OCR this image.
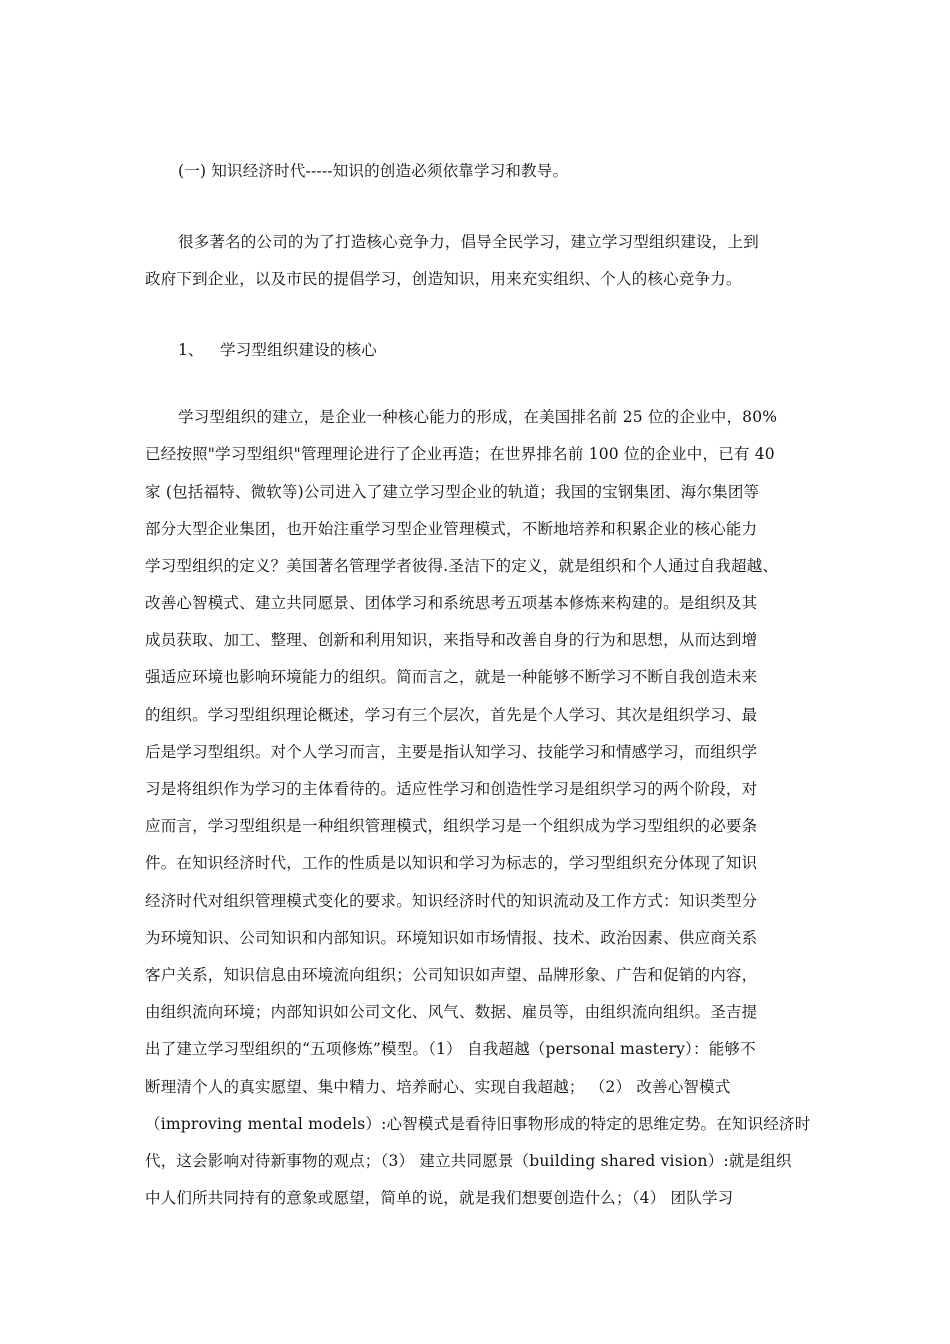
(一) 知识经济时代-----知识的创造必须依靠学习和教导。
很多著名的公司的为了打造核心竞争力，倡导全民学习，建立学习型组织建设，上到
政府下到企业，以及市民的提倡学习，创造知识，用来充实组织、个人的核心竞争力。
1、 学习型组织建设的核心
学习型组织的建立，是企业一种核心能力的形成，在美国排名前 25 位的企业中，80%
已经按照"学习型组织"管理理论进行了企业再造；在世界排名前 100 位的企业中，已有 40
家 (包括福特、微软等)公司进入了建立学习型企业的轨道；我国的宝钢集团、海尔集团等
部分大型企业集团，也开始注重学习型企业管理模式，不断地培养和积累企业的核心能力
学习型组织的定义？美国著名管理学者彼得.圣洁下的定义，就是组织和个人通过自我超越、
改善心智模式、建立共同愿景、团体学习和系统思考五项基本修炼来构建的。是组织及其
成员获取、加工、整理、创新和利用知识，来指导和改善自身的行为和思想，从而达到增
强适应环境也影响环境能力的组织。简而言之，就是一种能够不断学习不断自我创造未来
的组织。学习型组织理论概述，学习有三个层次，首先是个人学习、其次是组织学习、最
后是学习型组织。对个人学习而言，主要是指认知学习、技能学习和情感学习，而组织学
习是将组织作为学习的主体看待的。适应性学习和创造性学习是组织学习的两个阶段，对
应而言，学习型组织是一种组织管理模式，组织学习是一个组织成为学习型组织的必要条
件。在知识经济时代，工作的性质是以知识和学习为标志的，学习型组织充分体现了知识
经济时代对组织管理模式变化的要求。知识经济时代的知识流动及工作方式：知识类型分
为环境知识、公司知识和内部知识。环境知识如市场情报、技术、政治因素、供应商关系
客户关系，知识信息由环境流向组织；公司知识如声望、品牌形象、广告和促销的内容，
由组织流向环境；内部知识如公司文化、风气、数据、雇员等，由组织流向组织。圣吉提
出了建立学习型组织的“五项修炼”模型。（1） 自我超越（personal mastery）：能够不
断理清个人的真实愿望、集中精力、培养耐心、实现自我超越； （2） 改善心智模式
（improving mental models）:心智模式是看待旧事物形成的特定的思维定势。在知识经济时
代，这会影响对待新事物的观点；（3） 建立共同愿景（building shared vision）:就是组织
中人们所共同持有的意象或愿望，简单的说，就是我们想要创造什么；（4） 团队学习
